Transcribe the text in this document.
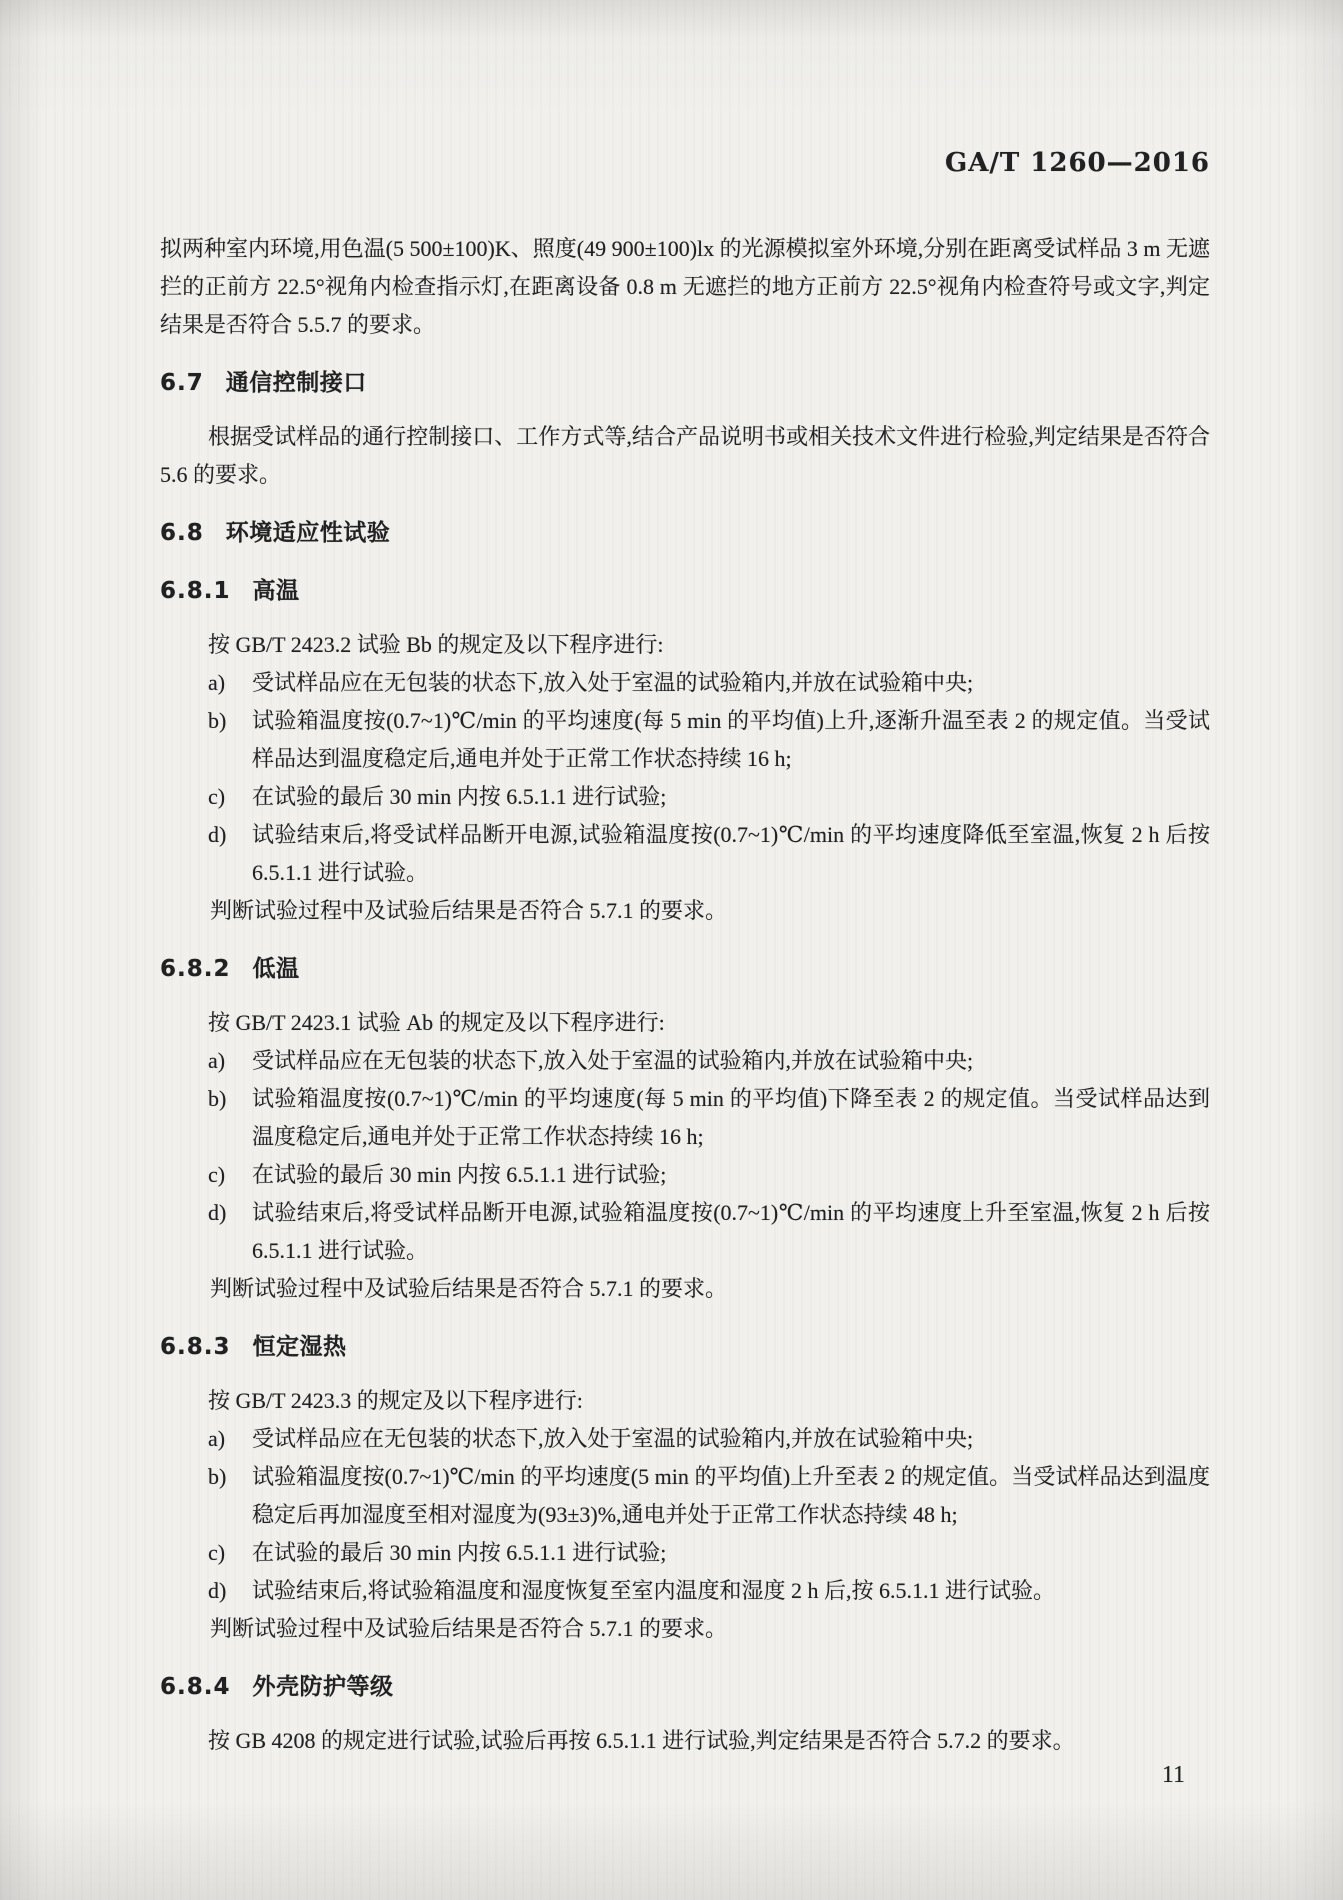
GA/T 1260—2016

拟两种室内环境,用色温(5 500±100)K、照度(49 900±100)lx 的光源模拟室外环境,分别在距离受试样品 3 m 无遮拦的正前方 22.5°视角内检查指示灯,在距离设备 0.8 m 无遮拦的地方正前方 22.5°视角内检查符号或文字,判定结果是否符合 5.5.7 的要求。

6.7 通信控制接口

根据受试样品的通行控制接口、工作方式等,结合产品说明书或相关技术文件进行检验,判定结果是否符合 5.6 的要求。

6.8 环境适应性试验
6.8.1 高温

按 GB/T 2423.2 试验 Bb 的规定及以下程序进行:

a)	受试样品应在无包装的状态下,放入处于室温的试验箱内,并放在试验箱中央;
b)	试验箱温度按(0.7~1)℃/min 的平均速度(每 5 min 的平均值)上升,逐渐升温至表 2 的规定值。当受试样品达到温度稳定后,通电并处于正常工作状态持续 16 h;
c)	在试验的最后 30 min 内按 6.5.1.1 进行试验;
d)	试验结束后,将受试样品断开电源,试验箱温度按(0.7~1)℃/min 的平均速度降低至室温,恢复 2 h 后按 6.5.1.1 进行试验。

判断试验过程中及试验后结果是否符合 5.7.1 的要求。

6.8.2 低温

按 GB/T 2423.1 试验 Ab 的规定及以下程序进行:

a)	受试样品应在无包装的状态下,放入处于室温的试验箱内,并放在试验箱中央;
b)	试验箱温度按(0.7~1)℃/min 的平均速度(每 5 min 的平均值)下降至表 2 的规定值。当受试样品达到温度稳定后,通电并处于正常工作状态持续 16 h;
c)	在试验的最后 30 min 内按 6.5.1.1 进行试验;
d)	试验结束后,将受试样品断开电源,试验箱温度按(0.7~1)℃/min 的平均速度上升至室温,恢复 2 h 后按 6.5.1.1 进行试验。

判断试验过程中及试验后结果是否符合 5.7.1 的要求。

6.8.3 恒定湿热

按 GB/T 2423.3 的规定及以下程序进行:

a)	受试样品应在无包装的状态下,放入处于室温的试验箱内,并放在试验箱中央;
b)	试验箱温度按(0.7~1)℃/min 的平均速度(5 min 的平均值)上升至表 2 的规定值。当受试样品达到温度稳定后再加湿度至相对湿度为(93±3)%,通电并处于正常工作状态持续 48 h;
c)	在试验的最后 30 min 内按 6.5.1.1 进行试验;
d)	试验结束后,将试验箱温度和湿度恢复至室内温度和湿度 2 h 后,按 6.5.1.1 进行试验。

判断试验过程中及试验后结果是否符合 5.7.1 的要求。

6.8.4 外壳防护等级

按 GB 4208 的规定进行试验,试验后再按 6.5.1.1 进行试验,判定结果是否符合 5.7.2 的要求。

11
